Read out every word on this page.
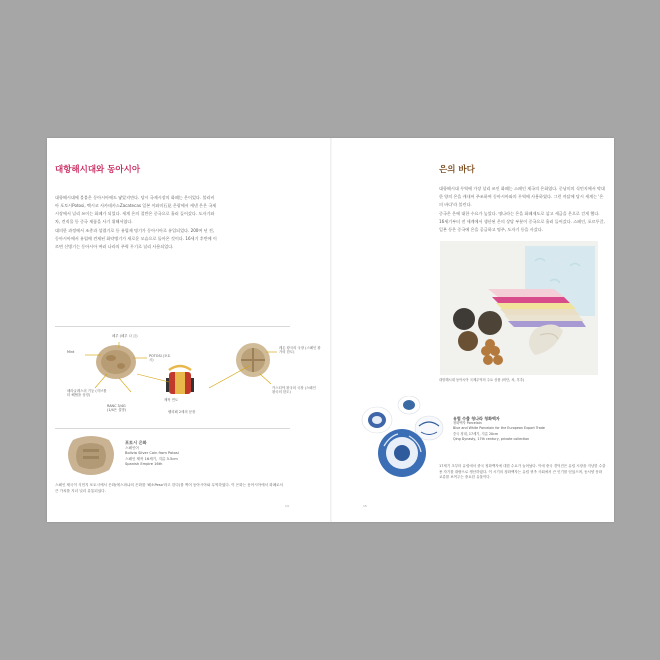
대항해시대와 동아시아

대항해시대에 불붙은 동아시아에도 닿았지만다. 당시 국제시장의 화폐는 은이었다. 볼리비아 포토시Potosi, 멕시코 사카테카스Zacatecas 일본 이와미石見 은광에서 캐낸 은은 국제시장에서 널리 쓰이는 화폐가 되었다. 세계 은의 절반은 중국으로 흘러 들어갔다. 도자기와 차, 견직물 등 중국 제품을 사기 위해서였다.

대의한 과정에서 조총과 섭렵기로 등 유럽제 명기가 동아시아로 유입되었다. 200여 년 전, 동아시아에서 유럽에 견제된 화약병기가 새로운 모습으로 돌아온 것이다. 16세기 후반에 이르면 신병기는 동아시아 여러 나라의 주력 무기로 널리 사용되었다.

페루 (페루 나 금)
Mint
POTOSI (포토시)
헤라클레스의 기둥 (지브롤터 해협을 상징)
RANC 3/4G (1/4은 설명)
제작 연도
펠리페 2세의 문장
레온 왕국의 국장 (스페인 왕가의 한도)
카스티야 왕국의 국장 (스페인 왕국의 한도)
포토시 은화
스페인어
Bolivia Silver Coin from Potosi
스페인 제작 16세기, 지름 3.5cm
Spanish Empire 16th
스페인 제국이 식민지 포토시에서 은화(에스파냐의 은화를 '페소Peso'라고 한다)를 찍어 동아시아와 무역하였다. 이 은화는 동아시아에서 화폐로서 큰 가치를 지녀 널리 유통되었다.
14
은의 바다

대항해시대 무역에 가장 널리 쓰인 화폐는 스페인 제국의 은화였다. 중남미의 식민지에서 막대한 양의 은을 캐내어 주조하여 동아시아와의 무역에 사용하였다. 그런 까닭에 당시 세계는 '은의 바다'라 불린다.

중국은 은에 대한 수요가 높았다. 명나라는 은을 화폐제도로 삼고 세금을 은으로 걷게 했다. 16세기부터 전 세계에서 생산된 은의 상당 부분이 중국으로 흘러 들어갔다. 스페인, 포르투갈, 일본 등은 중국에 은을 공급하고 명주, 도자기 등을 사갔다.

대항해시대 동아시아 국제무역의 주요 상품 (비단, 차, 후추)
유럽 수출 청나라 청화백자
청화백자 Porcelain
Blue and White Porcelain for the European Export Trade
중국 청대, 17세기, 지름 20cm
Qing Dynasty, 17th century, private collection
17세기 초부터 유럽에서 중국 청화백자에 대한 수요가 늘어났다. 이에 중국 경덕진은 유럽 시장을 겨냥한 수출용 자기를 대량으로 생산하였다. 이 시기의 청화백자는 유럽 귀족 사회에서 큰 인기를 얻었으며, 동서양 문화 교류를 보여주는 중요한 유물이다.
15
